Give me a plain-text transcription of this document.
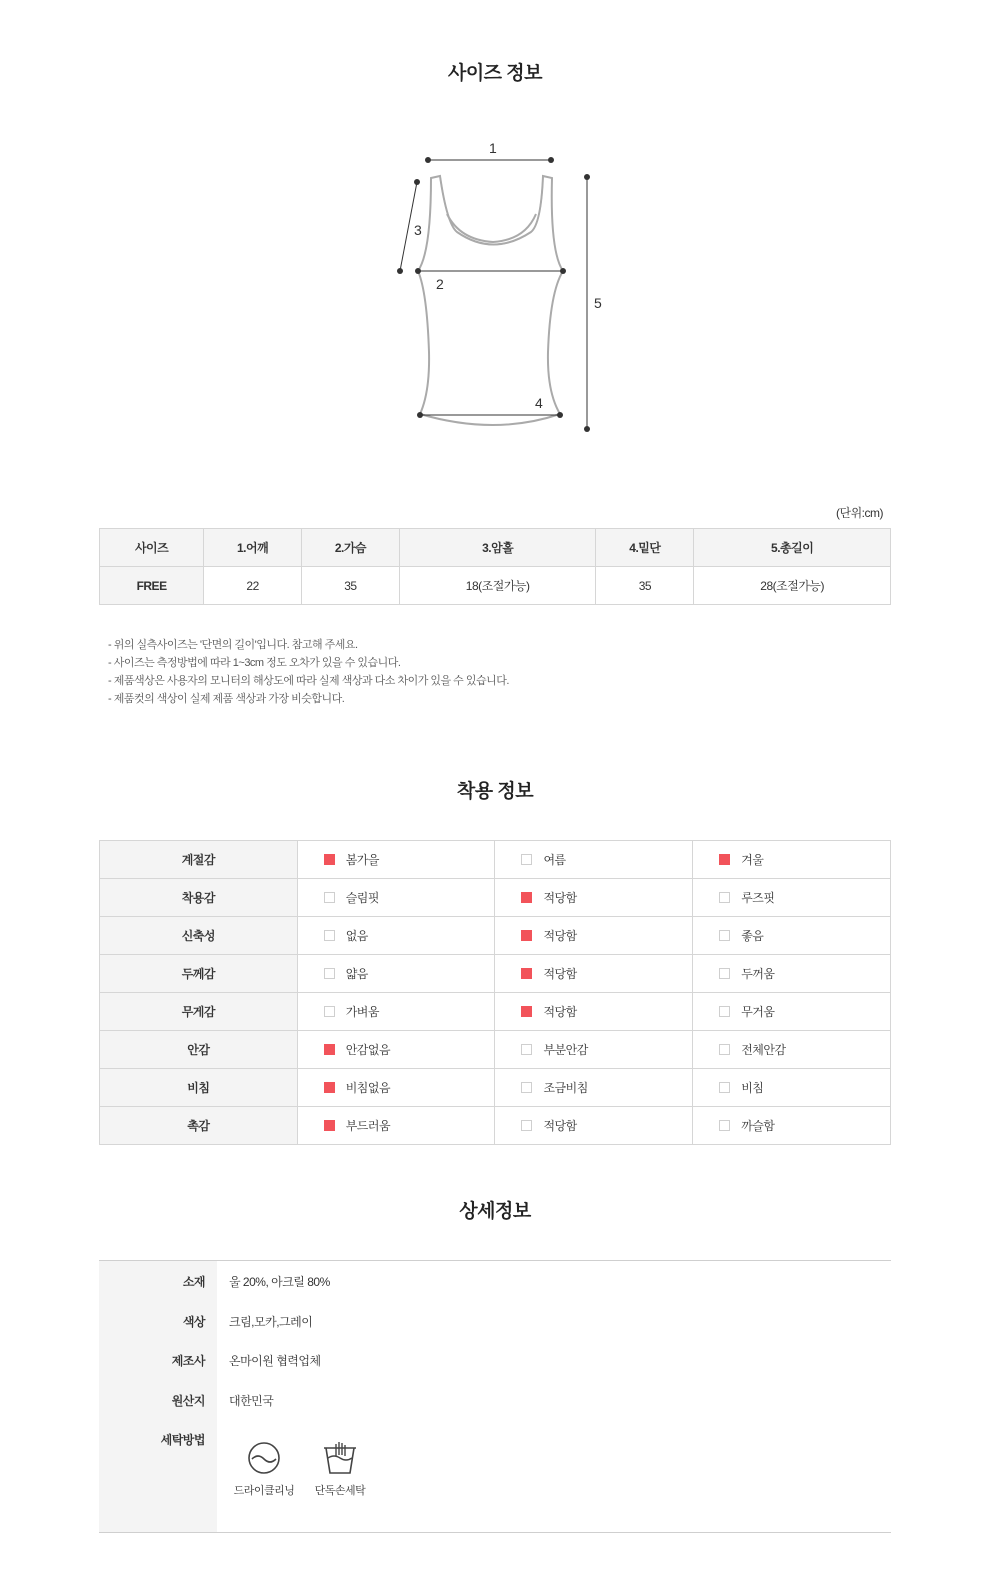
사이즈 정보
1
2
3
4
5
(단위:cm)
사이즈	1.어깨	2.가슴	3.암홀	4.밑단	5.총길이
FREE	22	35	18(조절가능)	35	28(조절가능)
- 위의 실측사이즈는 '단면의 길이'입니다. 참고해 주세요.
- 사이즈는 측정방법에 따라 1~3cm 정도 오차가 있을 수 있습니다.
- 제품색상은 사용자의 모니터의 해상도에 따라 실제 색상과 다소 차이가 있을 수 있습니다.
- 제품컷의 색상이 실제 제품 색상과 가장 비슷합니다.
착용 정보
계절감	봄가을	여름	겨울
착용감	슬림핏	적당함	루즈핏
신축성	없음	적당함	좋음
두께감	얇음	적당함	두꺼움
무게감	가벼움	적당함	무거움
안감	안감없음	부분안감	전체안감
비침	비침없음	조금비침	비침
촉감	부드러움	적당함	까슬함
상세정보
소재 울 20%, 아크릴 80%
색상 크림,모카,그레이
제조사 온마이원 협력업체
원산지 대한민국
세탁방법
드라이클리닝	단독손세탁
